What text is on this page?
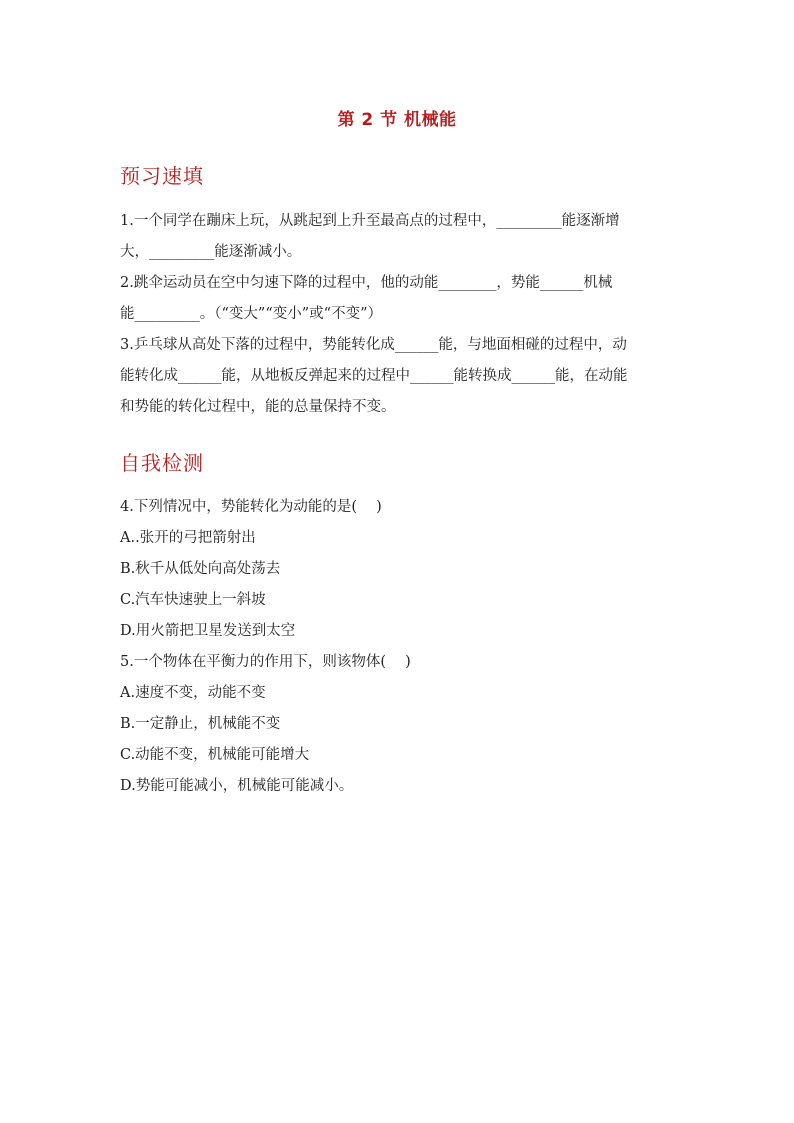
第 2 节 机械能
预习速填
1.一个同学在蹦床上玩，从跳起到上升至最高点的过程中，_________能逐渐增
大，_________能逐渐减小。
2.跳伞运动员在空中匀速下降的过程中，他的动能________，势能______机械
能_________。（“变大”“变小”或“不变”）
3.乒乓球从高处下落的过程中，势能转化成______能，与地面相碰的过程中，动
能转化成______能，从地板反弹起来的过程中______能转换成______能，在动能
和势能的转化过程中，能的总量保持不变。
自我检测
4.下列情况中，势能转化为动能的是(　 )
A..张开的弓把箭射出
B.秋千从低处向高处荡去
C.汽车快速驶上一斜坡
D.用火箭把卫星发送到太空
5.一个物体在平衡力的作用下，则该物体(　 )
A.速度不变，动能不变
B.一定静止，机械能不变
C.动能不变，机械能可能增大
D.势能可能减小，机械能可能减小。
